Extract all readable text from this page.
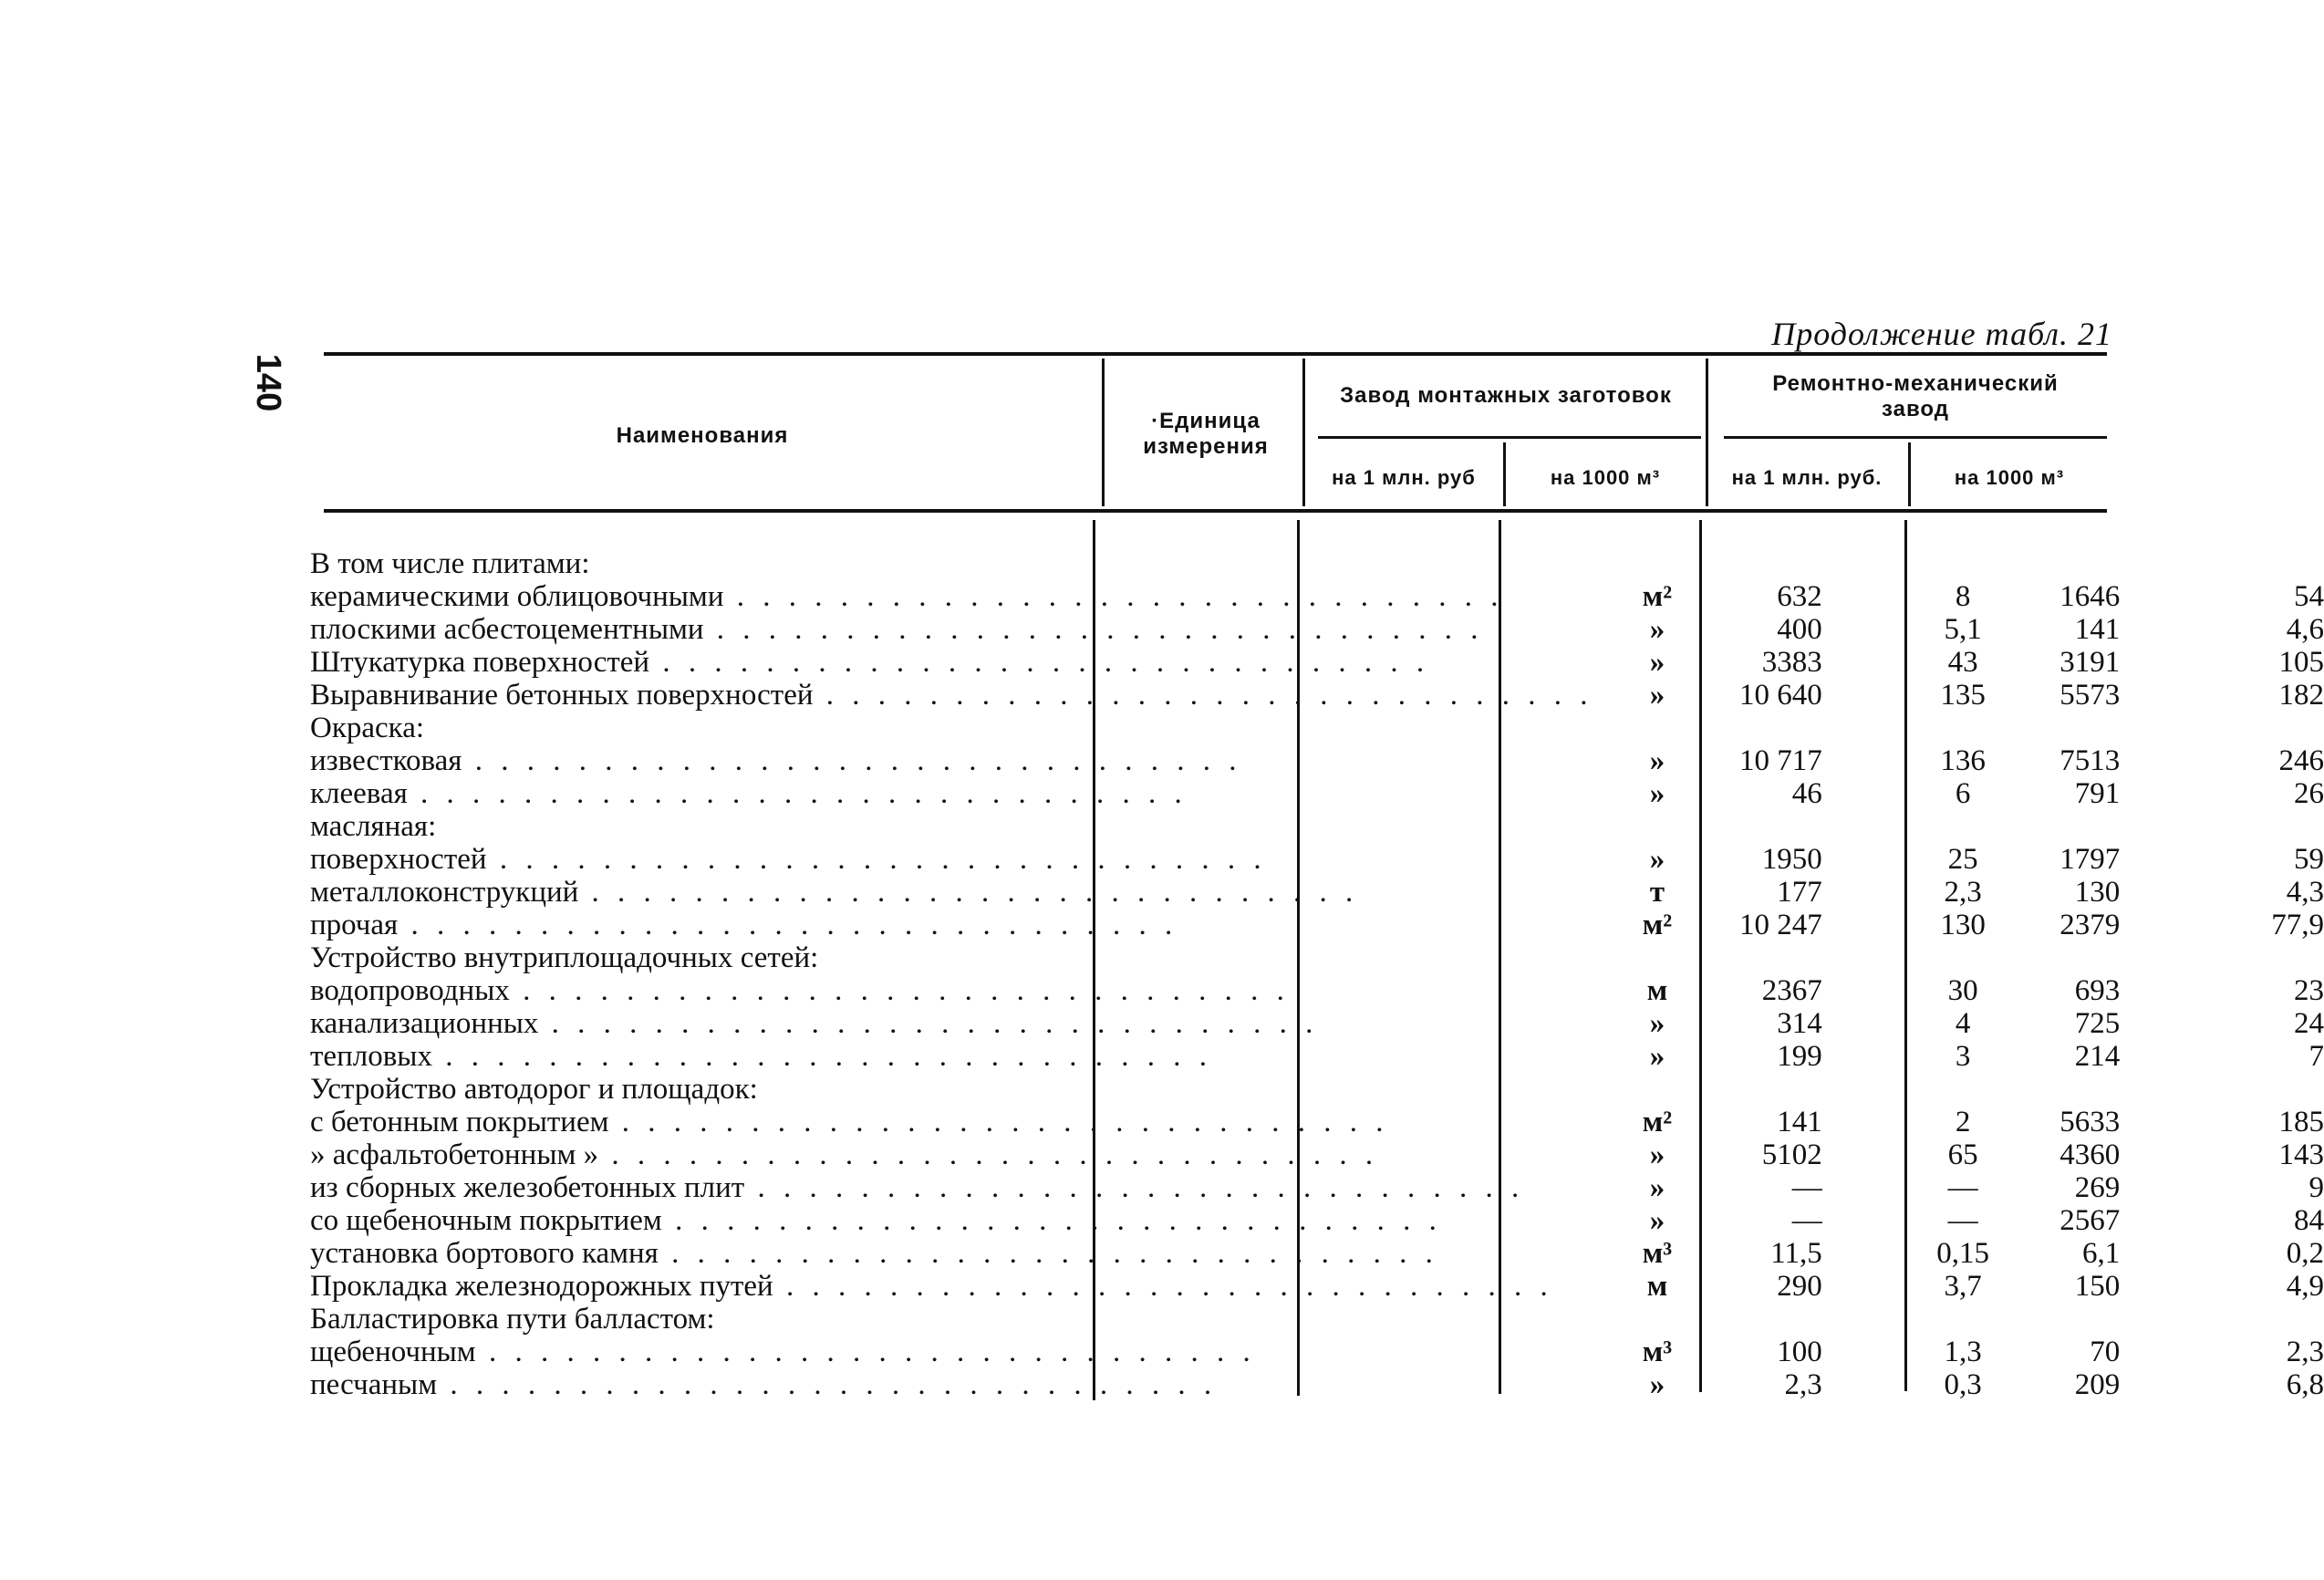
140
Продолжение табл. 21
Наименования
·Единица измерения
Завод монтажных заготовок	Ремонтно-механический завод
на 1 млн. руб	на 1000 м³	на 1 млн. руб.	на 1000 м³
В том числе плитами:					
керамическими облицовочными . . .	м²	632	8	1646	54
плоскими асбестоцементными . . .	»	400	5,1	141	4,6
Штукатурка поверхностей . . .	»	3383	43	3191	105
Выравнивание бетонных поверхностей . . .	»	10 640	135	5573	182
Окраска:					
известковая . . .	»	10 717	136	7513	246
клеевая . . .	»	46	6	791	26
масляная:					
поверхностей . . .	»	1950	25	1797	59
металлоконструкций . . .	т	177	2,3	130	4,3
прочая . . .	м²	10 247	130	2379	77,9
Устройство внутриплощадочных сетей:					
водопроводных . . .	м	2367	30	693	23
канализационных . . .	»	314	4	725	24
тепловых . . .	»	199	3	214	7
Устройство автодорог и площадок:					
с бетонным покрытием . . .	м²	141	2	5633	185
» асфальтобетонным » . . .	»	5102	65	4360	143
из сборных железобетонных плит . . .	»	—	—	269	9
со щебеночным покрытием . . .	»	—	—	2567	84
установка бортового камня . . .	м³	11,5	0,15	6,1	0,2
Прокладка железнодорожных путей . . .	м	290	3,7	150	4,9
Балластировка пути балластом:					
щебеночным . . .	м³	100	1,3	70	2,3
песчаным . . .	»	2,3	0,3	209	6,8
